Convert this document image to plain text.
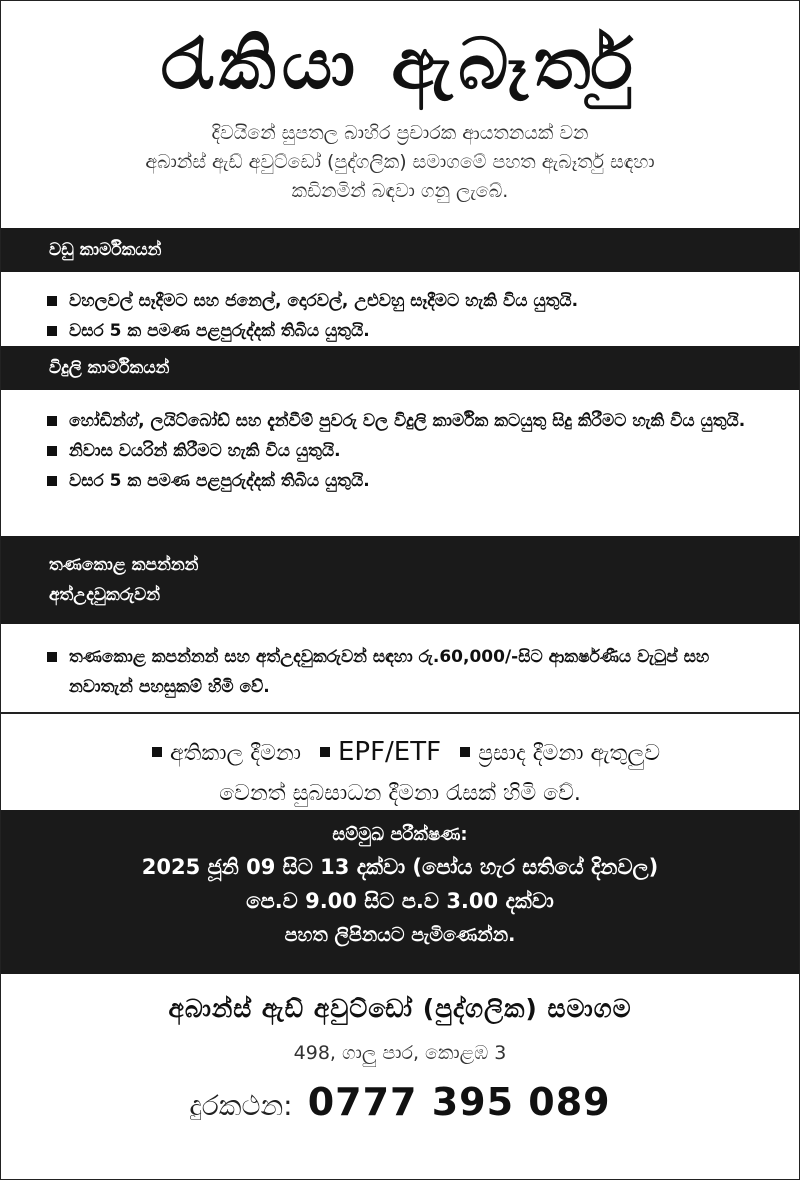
රැකියා ඇබෑර්තු
දිවයිනේ සුපතල බාහිර ප්‍රචාරක ආයතනයක් වන
අබාන්ස් ඇඩ් අවුට්ඩෝ (පුද්ගලික) සමාගමේ පහත ඇබෑර්තු සඳහා
කඩිනමින් බඳවා ගනු ලැබේ.
වඩු කාර්මිකයන්
වහලවල් සෑදීමට සහ ජනෙල්, දොරවල්, උළුවහු සෑදීමට හැකි විය යුතුයි.
වසර 5 ක පමණ පළපුරුද්දක් තිබිය යුතුයි.
විදුලි කාර්මිකයන්
හෝඩින්ග්, ලයිට්බෝඩ් සහ දැන්වීම් පුවරු වල විදුලි කාර්මික කටයුතු සිදු කිරීමට හැකි විය යුතුයි.
නිවාස වයරින් කිරීමට හැකි විය යුතුයි.
වසර 5 ක පමණ පළපුරුද්දක් තිබිය යුතුයි.
තණකොළ කපන්නන්
අත්උදවුකරුවන්
තණකොළ කපන්නන් සහ අත්උදවුකරුවන් සඳහා රු.60,000/-සිට ආකර්ෂණීය වැටුප් සහ නවාතැන් පහසුකම් හිමි වේ.
අතිකාල දීමනා EPF/ETF ප්‍රසාද දීමනා ඇතුලුව
වෙනත් සුබසාධන දීමනා රැසක් හිමි වේ.
සම්මුඛ පරීක්ෂණ:
2025 ජූනි 09 සිට 13 දක්වා (පෝය හැර සතියේ දිනවල)
පෙ.ව 9.00 සිට ප.ව 3.00 දක්වා
පහත ලිපිනයට පැමිණෙන්න.
අබාන්ස් ඇඩ් අවුට්ඩෝ (පුද්ගලික) සමාගම
498, ගාලු පාර, කොළඹ 3
දුරකථන: 0777 395 089
